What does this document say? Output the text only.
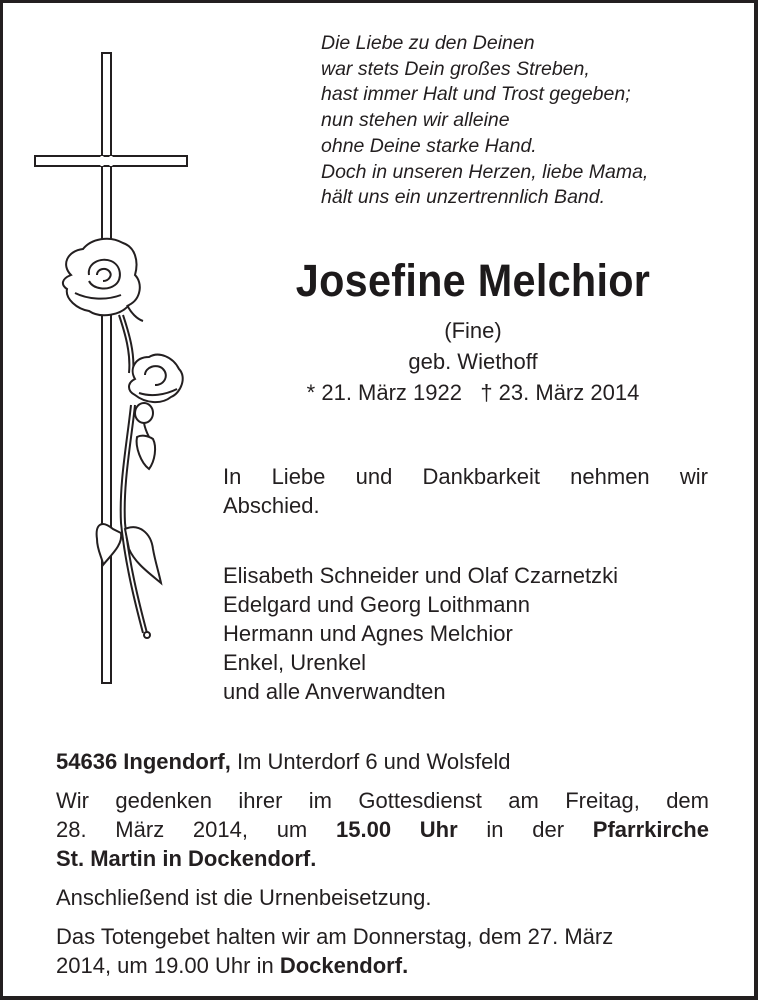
Die Liebe zu den Deinen
war stets Dein großes Streben,
hast immer Halt und Trost gegeben;
nun stehen wir alleine
ohne Deine starke Hand.
Doch in unseren Herzen, liebe Mama,
hält uns ein unzertrennlich Band.
Josefine Melchior
(Fine)
geb. Wiethoff
* 21. März 1922 † 23. März 2014
In Liebe und Dankbarkeit nehmen wir
Abschied.
Elisabeth Schneider und Olaf Czarnetzki
Edelgard und Georg Loithmann
Hermann und Agnes Melchior
Enkel, Urenkel
und alle Anverwandten

54636 Ingendorf, Im Unterdorf 6 und Wolsfeld

Wir gedenken ihrer im Gottesdienst am Freitag, dem
28. März 2014, um 15.00 Uhr in der Pfarrkirche
St. Martin in Dockendorf.

Anschließend ist die Urnenbeisetzung.

Das Totengebet halten wir am Donnerstag, dem 27. März
2014, um 19.00 Uhr in Dockendorf.
